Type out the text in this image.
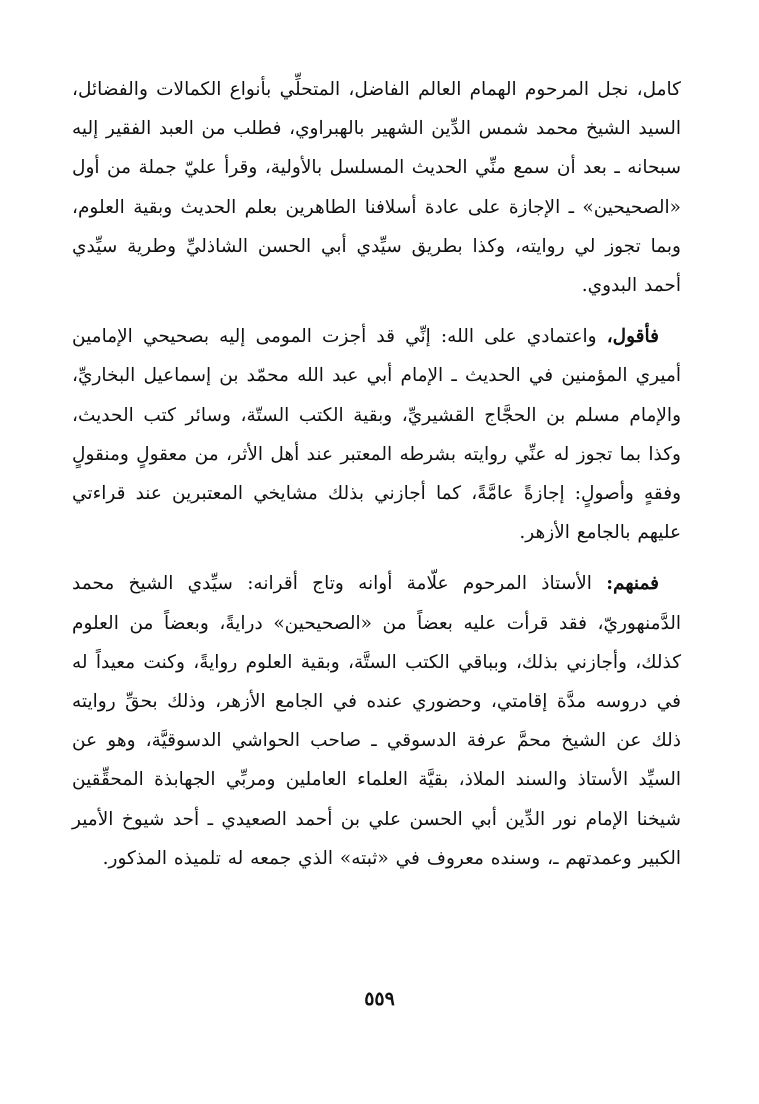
كامل، نجل المرحوم الهمام العالم الفاضل، المتحلِّي بأنواع الكمالات والفضائل، السيد الشيخ محمد شمس الدِّين الشهير بالهبراوي، فطلب من العبد الفقير إليه سبحانه ـ بعد أن سمع منِّي الحديث المسلسل بالأولية، وقرأ عليّ جملة من أول «الصحيحين» ـ الإجازة على عادة أسلافنا الطاهرين بعلم الحديث وبقية العلوم، وبما تجوز لي روايته، وكذا بطريق سيِّدي أبي الحسن الشاذليِّ وطرية سيِّدي أحمد البدوي.

فأقول، واعتمادي على الله: إنِّي قد أجزت المومى إليه بصحيحي الإمامين أميري المؤمنين في الحديث ـ الإمام أبي عبد الله محمّد بن إسماعيل البخاريِّ، والإمام مسلم بن الحجَّاج القشيريِّ، وبقية الكتب الستّة، وسائر كتب الحديث، وكذا بما تجوز له عنِّي روايته بشرطه المعتبر عند أهل الأثر، من معقولٍ ومنقولٍ وفقهٍ وأصولٍ: إجازةً عامَّةً، كما أجازني بذلك مشايخي المعتبرين عند قراءتي عليهم بالجامع الأزهر.

فمنهم: الأستاذ المرحوم علّامة أوانه وتاج أقرانه: سيِّدي الشيخ محمد الدَّمنهوريّ، فقد قرأت عليه بعضاً من «الصحيحين» درايةً، وبعضاً من العلوم كذلك، وأجازني بذلك، وبباقي الكتب الستَّة، وبقية العلوم روايةً، وكنت معيداً له في دروسه مدَّة إقامتي، وحضوري عنده في الجامع الأزهر، وذلك بحقِّ روايته ذلك عن الشيخ محمَّ عرفة الدسوقي ـ صاحب الحواشي الدسوقيَّة، وهو عن السيِّد الأستاذ والسند الملاذ، بقيَّة العلماء العاملين ومربِّي الجهابذة المحقِّقين شيخنا الإمام نور الدِّين أبي الحسن علي بن أحمد الصعيدي ـ أحد شيوخ الأمير الكبير وعمدتهم ـ، وسنده معروف في «ثبته» الذي جمعه له تلميذه المذكور.

٥٥٩
